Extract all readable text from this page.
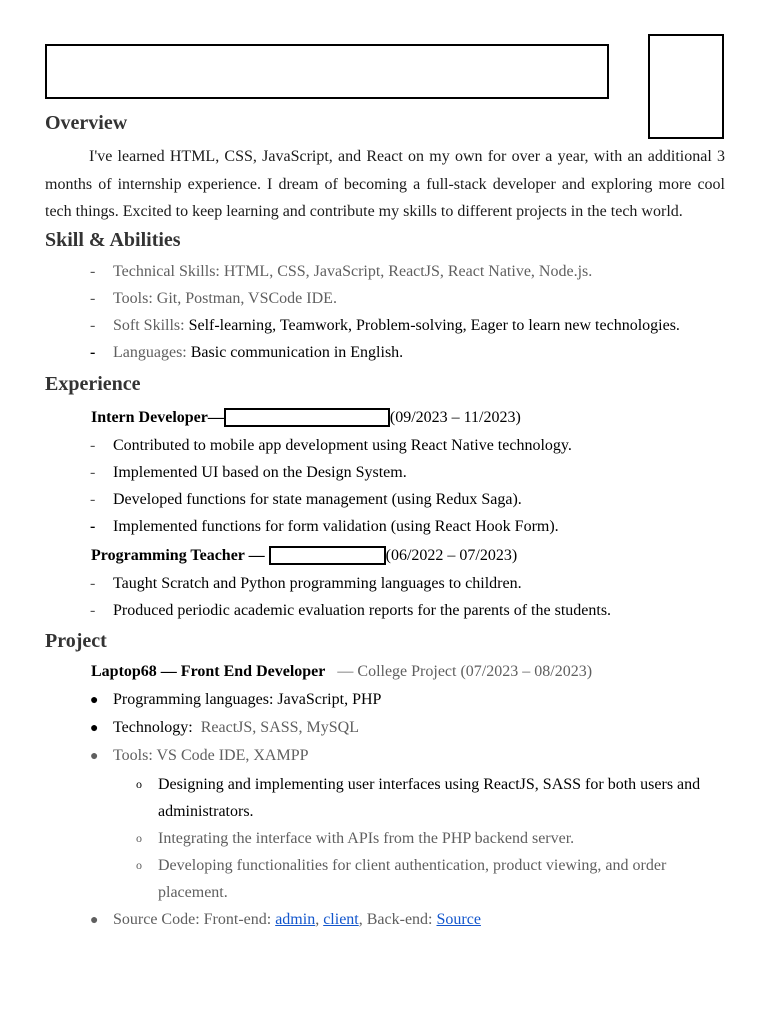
Overview

I've learned HTML, CSS, JavaScript, and React on my own for over a year, with an additional 3 months of internship experience. I dream of becoming a full-stack developer and exploring more cool tech things. Excited to keep learning and contribute my skills to different projects in the tech world.

Skill & Abilities
- Technical Skills: HTML, CSS, JavaScript, ReactJS, React Native, Node.js.
- Tools: Git, Postman, VSCode IDE.
- Soft Skills: Self-learning, Teamwork, Problem-solving, Eager to learn new technologies.
- Languages: Basic communication in English.
Experience
Intern Developer—	(09/2023 – 11/2023)
- Contributed to mobile app development using React Native technology.
- Implemented UI based on the Design System.
- Developed functions for state management (using Redux Saga).
- Implemented functions for form validation (using React Hook Form).
Programming Teacher —	(06/2022 – 07/2023)
- Taught Scratch and Python programming languages to children.
- Produced periodic academic evaluation reports for the parents of the students.
Project
Laptop68 — Front End Developer — College Project (07/2023 – 08/2023)
● Programming languages: JavaScript, PHP
● Technology:  ReactJS, SASS, MySQL
● Tools: VS Code IDE, XAMPP
o Designing and implementing user interfaces using ReactJS, SASS for both users and administrators.
o Integrating the interface with APIs from the PHP backend server.
o Developing functionalities for client authentication, product viewing, and order placement.
● Source Code: Front-end: admin, client, Back-end: Source
